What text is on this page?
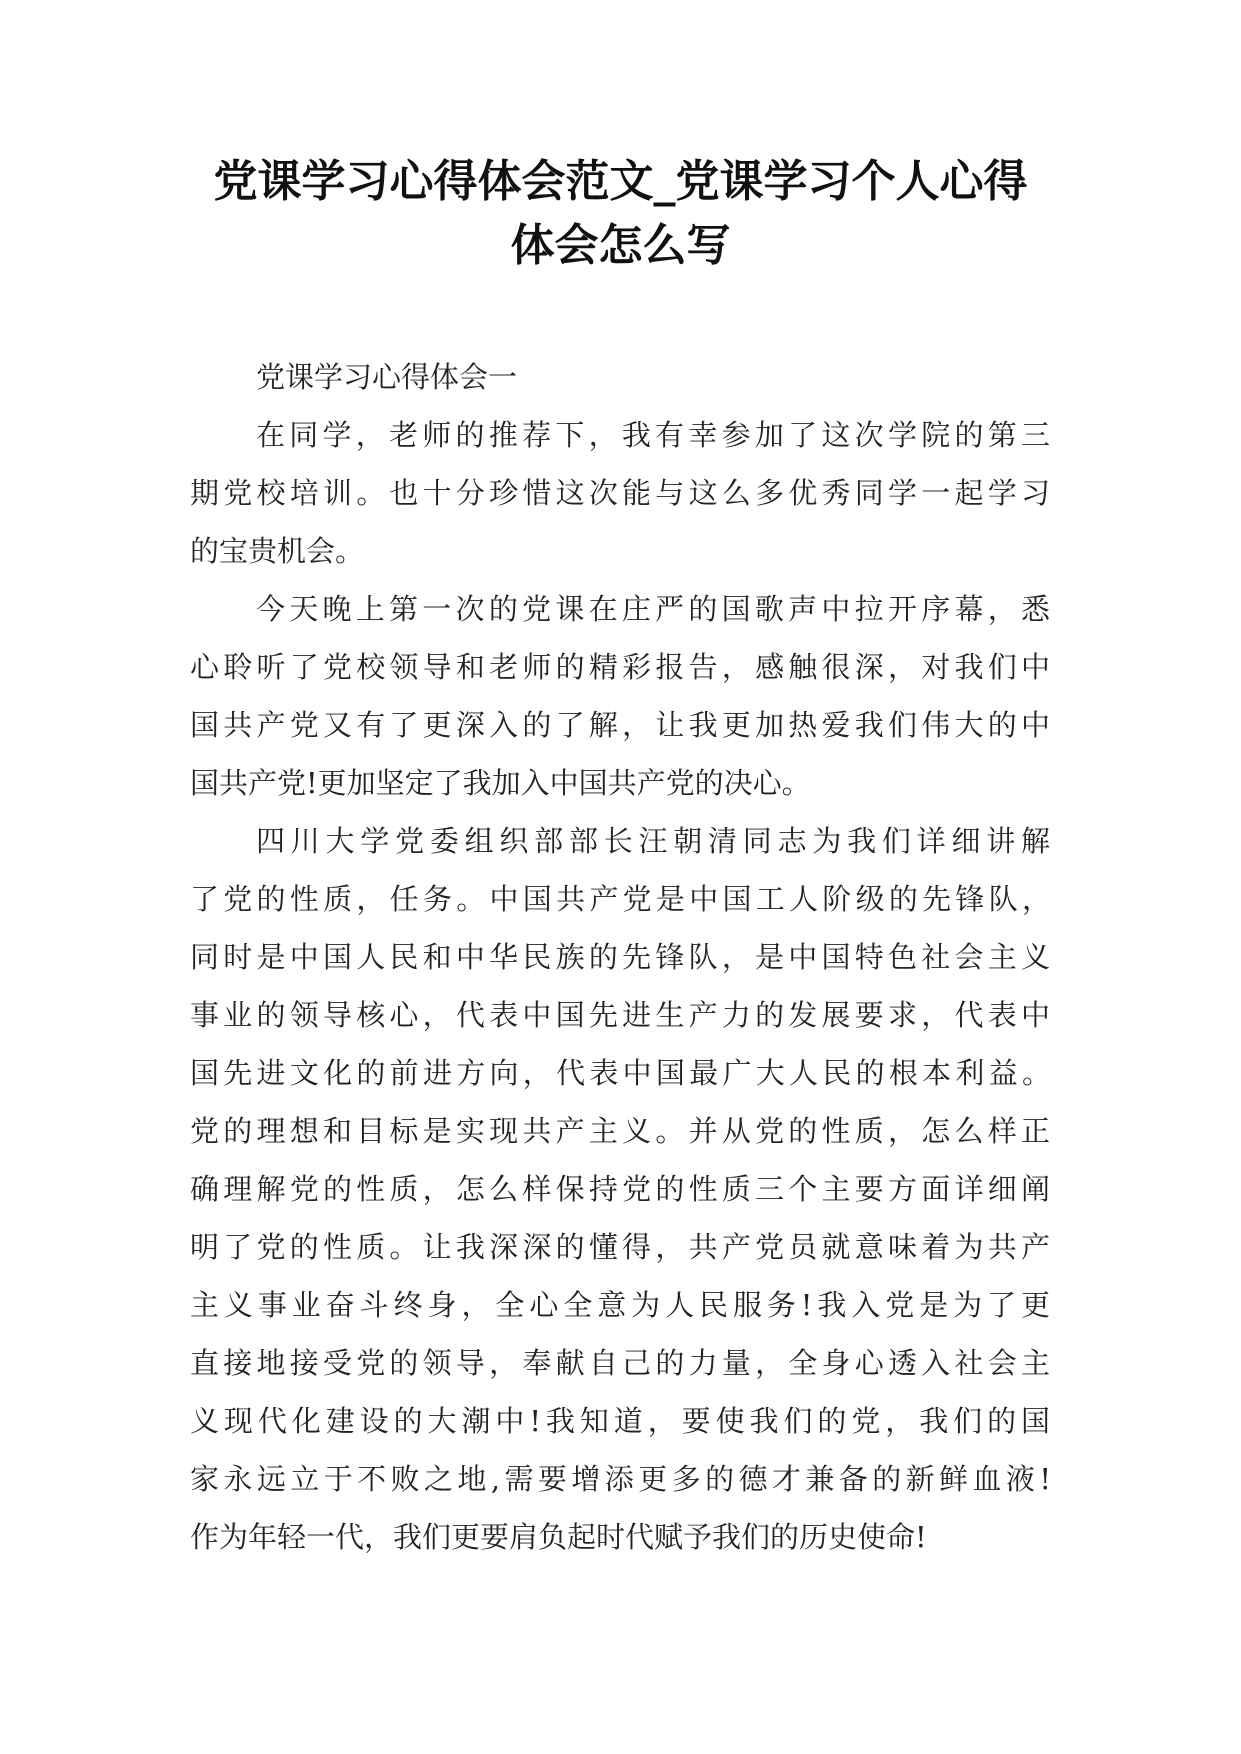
党课学习心得体会范文_党课学习个人心得
体会怎么写
党课学习心得体会一
在同学，老师的推荐下，我有幸参加了这次学院的第三
期党校培训。也十分珍惜这次能与这么多优秀同学一起学习
的宝贵机会。
今天晚上第一次的党课在庄严的国歌声中拉开序幕，悉
心聆听了党校领导和老师的精彩报告，感触很深，对我们中
国共产党又有了更深入的了解，让我更加热爱我们伟大的中
国共产党!更加坚定了我加入中国共产党的决心。
四川大学党委组织部部长汪朝清同志为我们详细讲解
了党的性质，任务。中国共产党是中国工人阶级的先锋队，
同时是中国人民和中华民族的先锋队，是中国特色社会主义
事业的领导核心，代表中国先进生产力的发展要求，代表中
国先进文化的前进方向，代表中国最广大人民的根本利益。
党的理想和目标是实现共产主义。并从党的性质，怎么样正
确理解党的性质，怎么样保持党的性质三个主要方面详细阐
明了党的性质。让我深深的懂得，共产党员就意味着为共产
主义事业奋斗终身，全心全意为人民服务!我入党是为了更
直接地接受党的领导，奉献自己的力量，全身心透入社会主
义现代化建设的大潮中!我知道，要使我们的党，我们的国
家永远立于不败之地,需要增添更多的德才兼备的新鲜血液!
作为年轻一代，我们更要肩负起时代赋予我们的历史使命!
